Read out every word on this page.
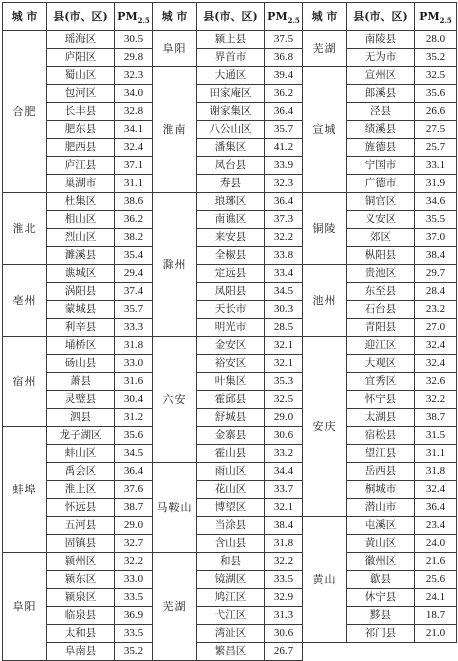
城 市	县(市、区)	$PM_{2.5}$	城 市	县(市、区)	$PM_{2.5}$	城 市	县(市、区)	$PM_{2.5}$
合肥	瑶海区	30.5	阜阳	颍上县	37.5	芜湖	南陵县	28.0
	庐阳区	29.8		界首市	36.8		无为市	35.2
	蜀山区	32.3	淮南	大通区	39.4	宣城	宣州区	32.5
	包河区	34.0		田家庵区	36.2		郎溪县	35.6
	长丰县	32.8		谢家集区	36.4		泾县	26.6
	肥东县	34.1		八公山区	35.7		绩溪县	27.5
	肥西县	32.4		潘集区	41.2		旌德县	25.7
	庐江县	37.1		凤台县	33.9		宁国市	33.1
	巢湖市	31.1		寿县	32.3		广德市	31.9
淮北	杜集区	38.6	滁州	琅琊区	36.4	铜陵	铜官区	34.6
	相山区	36.2		南谯区	37.3		义安区	35.5
	烈山区	38.2		来安县	32.2		郊区	37.0
	濉溪县	35.4		全椒县	33.8		枞阳县	38.4
亳州	谯城区	29.4		定远县	33.4	池州	贵池区	29.7
	涡阳县	37.4		凤阳县	34.5		东至县	28.4
	蒙城县	35.7		天长市	30.3		石台县	23.2
	利辛县	33.3		明光市	28.5		青阳县	27.0
宿州	埇桥区	31.8	六安	金安区	32.1	安庆	迎江区	32.4
	砀山县	33.0		裕安区	32.1		大观区	32.4
	萧县	31.6		叶集区	35.3		宜秀区	32.6
	灵璧县	30.4		霍邱县	32.5		怀宁县	32.2
	泗县	31.2		舒城县	29.0		太湖县	38.7
蚌埠	龙子湖区	35.6		金寨县	30.6		宿松县	31.5
	蚌山区	34.5		霍山县	33.2		望江县	31.1
	禹会区	36.4	马鞍山	雨山区	34.4		岳西县	31.8
	淮上区	37.6		花山区	33.7		桐城市	32.4
	怀远县	38.7		博望区	32.1		潜山市	36.4
	五河县	29.0		当涂县	38.4	黄山	屯溪区	23.4
	固镇县	32.7		含山县	31.8		黄山区	24.0
阜阳	颍州区	32.2	芜湖	和县	32.2		徽州区	21.6
	颍东区	33.0		镜湖区	33.5		歙县	25.6
	颍泉区	33.5		鸠江区	32.9		休宁县	24.1
	临泉县	36.9		弋江区	31.3		黟县	18.7
	太和县	33.5		湾沚区	30.6		祁门县	21.0
	阜南县	35.2		繁昌区	26.7			
